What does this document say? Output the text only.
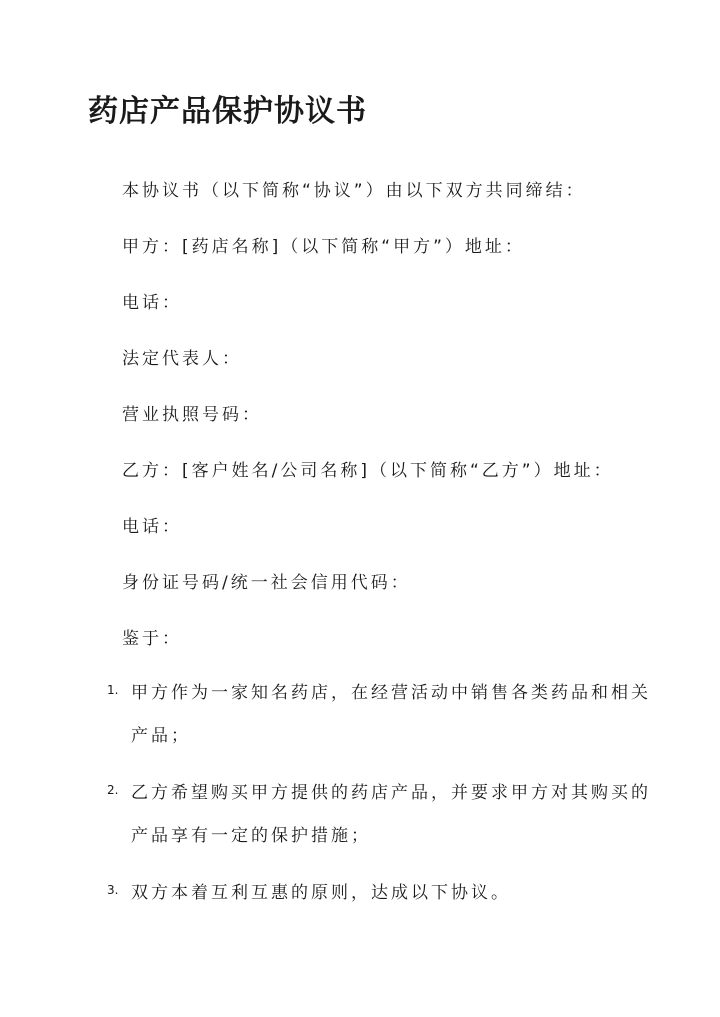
药店产品保护协议书
本协议书（以下简称“协议”）由以下双方共同缔结：
甲方：[药店名称]（以下简称“甲方”）地址：
电话：
法定代表人：
营业执照号码：
乙方：[客户姓名/公司名称]（以下简称“乙方”）地址：
电话：
身份证号码/统一社会信用代码：
鉴于：
1. 甲方作为一家知名药店，在经营活动中销售各类药品和相关
产品；
2. 乙方希望购买甲方提供的药店产品，并要求甲方对其购买的
产品享有一定的保护措施；
3. 双方本着互利互惠的原则，达成以下协议。
